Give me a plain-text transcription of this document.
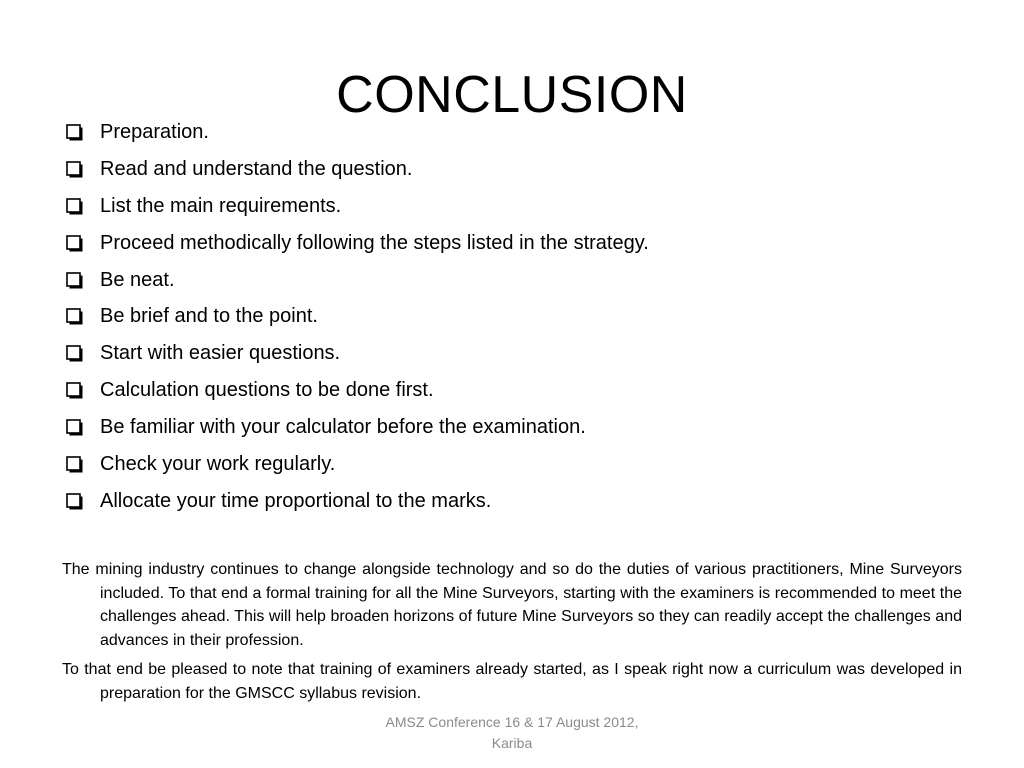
CONCLUSION
Preparation.
Read and understand the question.
List the main requirements.
Proceed methodically following the steps listed in the strategy.
Be neat.
Be brief and to the point.
Start with easier questions.
Calculation questions to be done first.
Be familiar with your calculator before the examination.
Check your work regularly.
Allocate your time proportional to the marks.

The mining industry continues to change alongside technology and so do the duties of various practitioners, Mine Surveyors included. To that end a formal training for all the Mine Surveyors, starting with the examiners is recommended to meet the challenges ahead. This will help broaden horizons of future Mine Surveyors so they can readily accept the challenges and advances in their profession.

To that end be pleased to note that training of examiners already started, as I speak right now a curriculum was developed in preparation for the GMSCC syllabus revision.

AMSZ Conference 16 & 17 August 2012,
Kariba
